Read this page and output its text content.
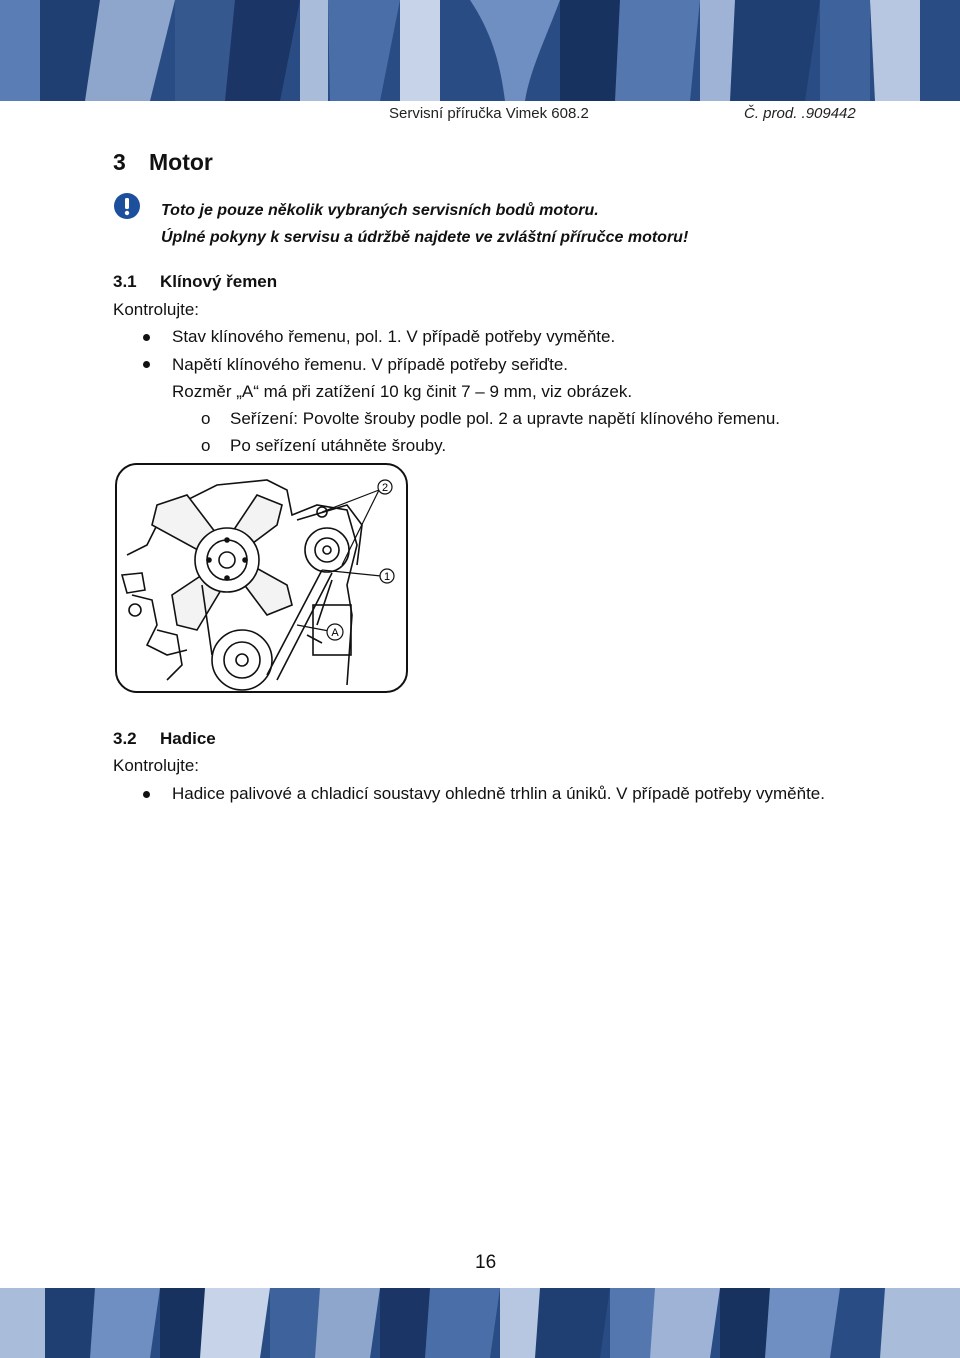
Servisní příručka Vimek 608.2	Č. prod. .909442
3 Motor
Toto je pouze několik vybraných servisních bodů motoru.
Úplné pokyny k servisu a údržbě najdete ve zvláštní příručce motoru!
3.1 Klínový řemen
Kontrolujte:
Stav klínového řemenu, pol. 1. V případě potřeby vyměňte.
Napětí klínového řemenu. V případě potřeby seřiďte.
Rozměr „A“ má při zatížení 10 kg činit 7 – 9 mm, viz obrázek.
o Seřízení: Povolte šrouby podle pol. 2 a upravte napětí klínového řemenu.
o Po seřízení utáhněte šrouby.
2
1
A
3.2 Hadice
Kontrolujte:
Hadice palivové a chladicí soustavy ohledně trhlin a úniků. V případě potřeby vyměňte.
16
